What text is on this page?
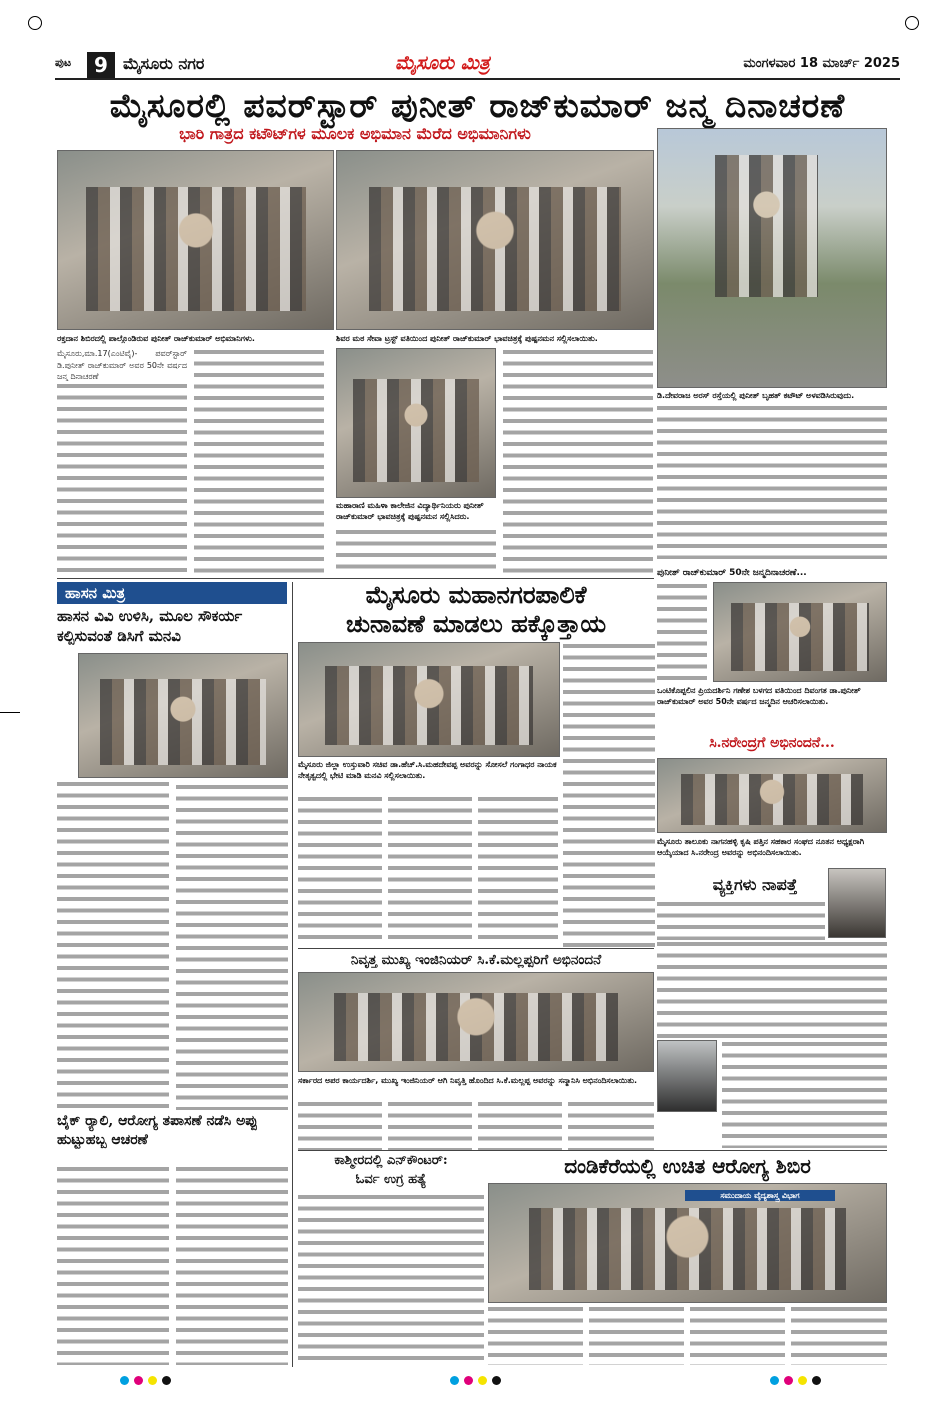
ಪುಟ	9 ಮೈಸೂರು ನಗರ	ಮೈಸೂರು ಮಿತ್ರ	ಮಂಗಳವಾರ 18 ಮಾರ್ಚ್ 2025
ಮೈಸೂರಲ್ಲಿ ಪವರ್‌ಸ್ಟಾರ್ ಪುನೀತ್ ರಾಜ್‌ಕುಮಾರ್ ಜನ್ಮ ದಿನಾಚರಣೆ
ಭಾರಿ ಗಾತ್ರದ ಕಟೌಟ್‌ಗಳ ಮೂಲಕ ಅಭಿಮಾನ ಮೆರೆದ ಅಭಿಮಾನಿಗಳು
ರಕ್ತದಾನ ಶಿಬಿರದಲ್ಲಿ ಪಾಲ್ಗೊಂಡಿರುವ ಪುನೀತ್ ರಾಜ್‌ಕುಮಾರ್ ಅಭಿಮಾನಿಗಳು.	ಶಿವರ ಮಠ ಸೇವಾ ಟ್ರಸ್ಟ್ ವತಿಯಿಂದ ಪುನೀತ್ ರಾಜ್‌ಕುಮಾರ್ ಭಾವಚಿತ್ರಕ್ಕೆ ಪುಷ್ಪನಮನ ಸಲ್ಲಿಸಲಾಯಿತು.
ಡಿ.ದೇವರಾಜ ಅರಸ್ ರಸ್ತೆಯಲ್ಲಿ ಪುನೀತ್ ಬೃಹತ್ ಕಟೌಟ್ ಅಳವಡಿಸಿರುವುದು.
ಮೈಸೂರು,ಮಾ.17(ಎಂಟಿವೈ)- ಪವರ್‌ಸ್ಟಾರ್ ಡಿ.ಪುನೀತ್ ರಾಜ್‌ಕುಮಾರ್ ಅವರ 50ನೇ ವರ್ಷದ ಜನ್ಮ ದಿನಾಚರಣೆ
ಮಹಾರಾಣಿ ಮಹಿಳಾ ಕಾಲೇಜಿನ ವಿದ್ಯಾರ್ಥಿನಿಯರು ಪುನೀತ್ ರಾಜ್‌ಕುಮಾರ್ ಭಾವಚಿತ್ರಕ್ಕೆ ಪುಷ್ಪನಮನ ಸಲ್ಲಿಸಿದರು.
ಪುನೀತ್ ರಾಜ್‌ಕುಮಾರ್ 50ನೇ ಜನ್ಮದಿನಾಚರಣೆ...
ಹಾಸನ ಮಿತ್ರ
ಹಾಸನ ವಿವಿ ಉಳಿಸಿ, ಮೂಲ ಸೌಕರ್ಯ ಕಲ್ಪಿಸುವಂತೆ ಡಿಸಿಗೆ ಮನವಿ
ಬೈಕ್ ರ್‍ಯಾಲಿ, ಆರೋಗ್ಯ ತಪಾಸಣೆ ನಡೆಸಿ ಅಪ್ಪು ಹುಟ್ಟುಹಬ್ಬ ಆಚರಣೆ
ಮೈಸೂರು ಮಹಾನಗರಪಾಲಿಕೆ
ಚುನಾವಣೆ ಮಾಡಲು ಹಕ್ಕೊತ್ತಾಯ
ಮೈಸೂರು ಜಿಲ್ಲಾ ಉಸ್ತುವಾರಿ ಸಚಿವ ಡಾ.ಹೆಚ್.ಸಿ.ಮಹದೇವಪ್ಪ ಅವರನ್ನು ಸೋಸಲೆ ಗಂಗಾಧರ ನಾಯಕ ನೇತೃತ್ವದಲ್ಲಿ ಭೇಟಿ ಮಾಡಿ ಮನವಿ ಸಲ್ಲಿಸಲಾಯಿತು.
ಒಂಟಿಕೊಪ್ಪಲಿನ ಪ್ರಿಯದರ್ಶಿನಿ ಗಣೇಶ ಬಳಗದ ವತಿಯಿಂದ ದಿವಂಗತ ಡಾ.ಪುನೀತ್ ರಾಜ್‌ಕುಮಾರ್ ಅವರ 50ನೇ ವರ್ಷದ ಜನ್ಮದಿನ ಆಚರಿಸಲಾಯಿತು.
ಸಿ.ನರೇಂದ್ರಗೆ ಅಭಿನಂದನೆ...
ಮೈಸೂರು ತಾಲೂಕು ನಾಗನಹಳ್ಳಿ ಕೃಷಿ ಪತ್ತಿನ ಸಹಕಾರ ಸಂಘದ ನೂತನ ಅಧ್ಯಕ್ಷರಾಗಿ ಆಯ್ಕೆಯಾದ ಸಿ.ನರೇಂದ್ರ ಅವರನ್ನು ಅಭಿನಂದಿಸಲಾಯಿತು.
ವ್ಯಕ್ತಿಗಳು ನಾಪತ್ತೆ
ನಿವೃತ್ತ ಮುಖ್ಯ ಇಂಜಿನಿಯರ್ ಸಿ.ಕೆ.ಮಲ್ಲಪ್ಪರಿಗೆ ಅಭಿನಂದನೆ
ಸರ್ಕಾರದ ಅಪರ ಕಾರ್ಯದರ್ಶಿ, ಮುಖ್ಯ ಇಂಜಿನಿಯರ್ ಆಗಿ ನಿವೃತ್ತಿ ಹೊಂದಿದ ಸಿ.ಕೆ.ಮಲ್ಲಪ್ಪ ಅವರನ್ನು ಸನ್ಮಾನಿಸಿ ಅಭಿನಂದಿಸಲಾಯಿತು.
ಕಾಶ್ಮೀರದಲ್ಲಿ ಎನ್‌ಕೌಂಟರ್:
ಓರ್ವ ಉಗ್ರ ಹತ್ಯೆ
ದಂಡಿಕೆರೆಯಲ್ಲಿ ಉಚಿತ ಆರೋಗ್ಯ ಶಿಬಿರ
ಸಮುದಾಯ ವೈದ್ಯಶಾಸ್ತ್ರ ವಿಭಾಗ
